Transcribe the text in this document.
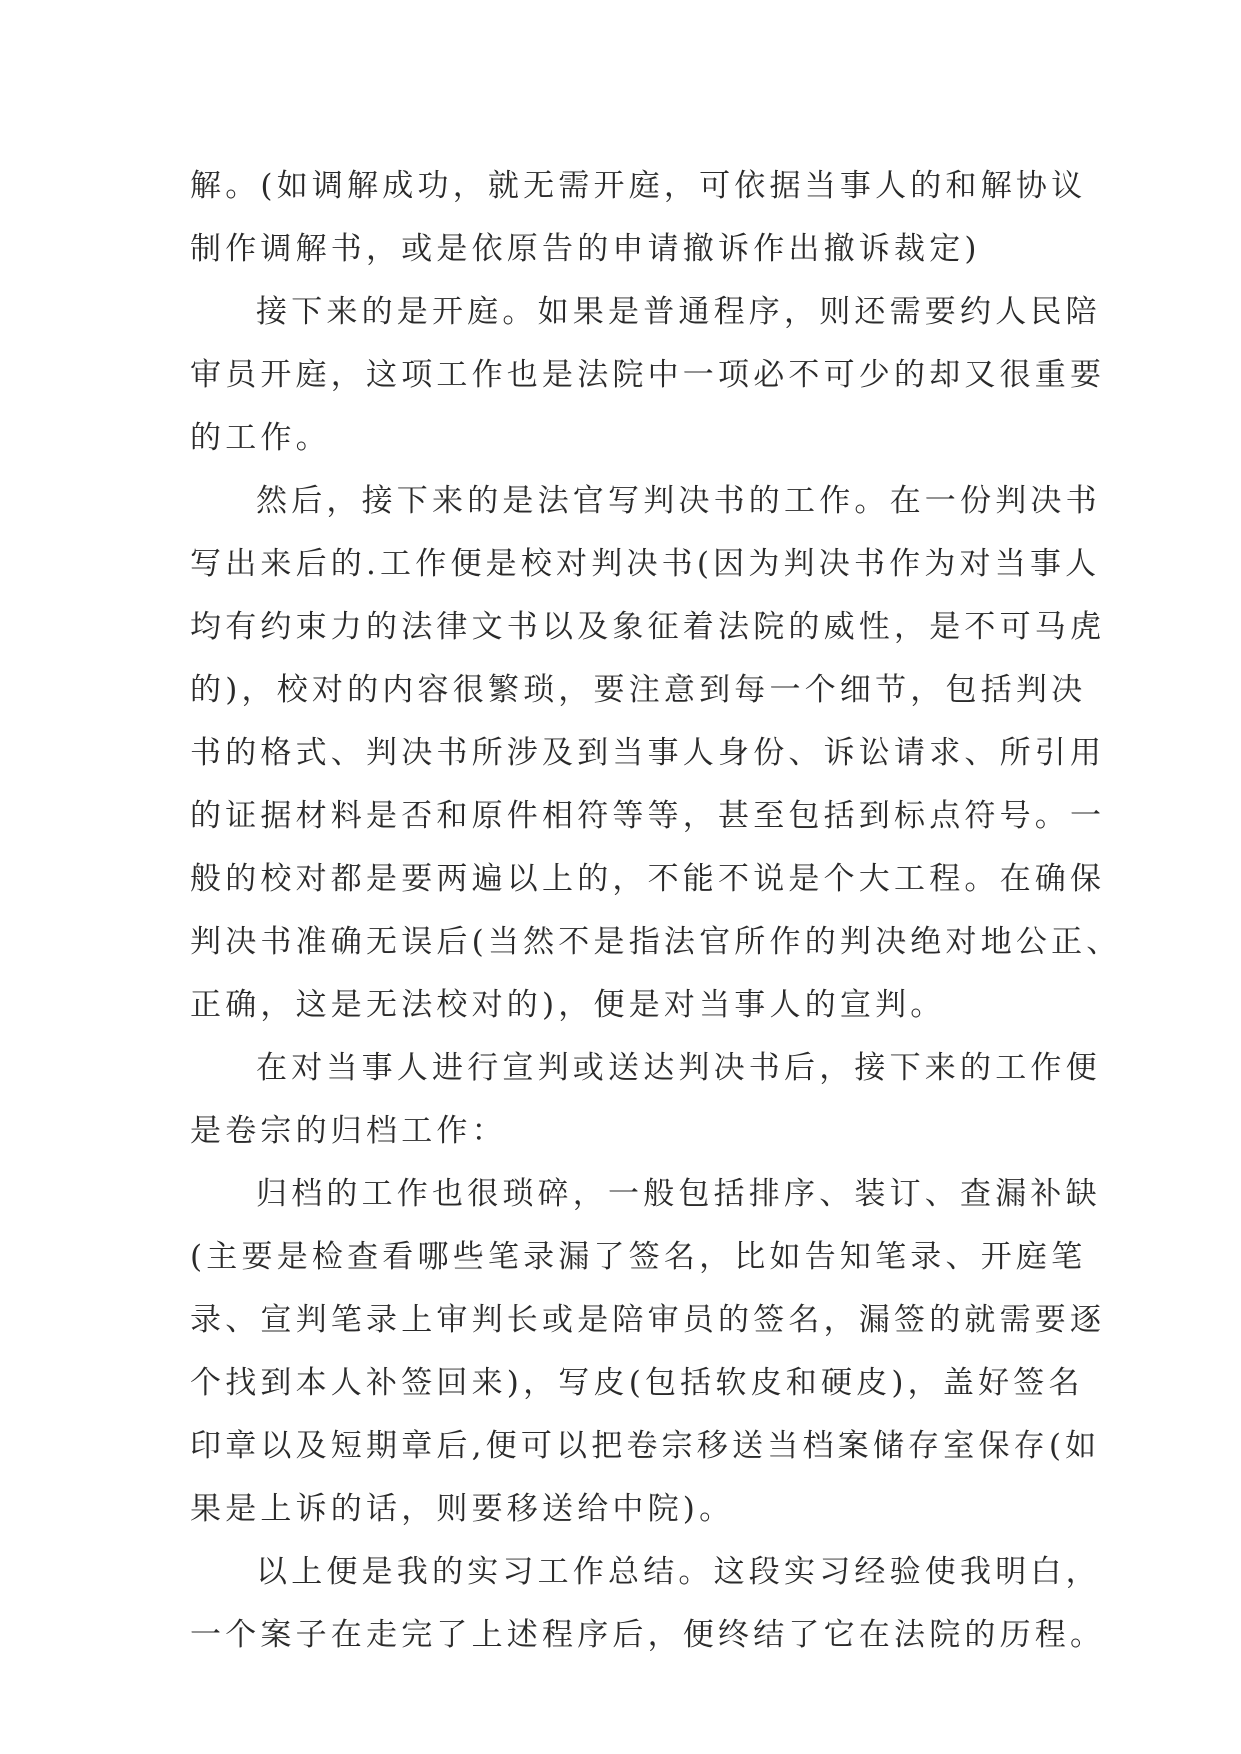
解。(如调解成功，就无需开庭，可依据当事人的和解协议
制作调解书，或是依原告的申请撤诉作出撤诉裁定)
接下来的是开庭。如果是普通程序，则还需要约人民陪
审员开庭，这项工作也是法院中一项必不可少的却又很重要
的工作。
然后，接下来的是法官写判决书的工作。在一份判决书
写出来后的.工作便是校对判决书(因为判决书作为对当事人
均有约束力的法律文书以及象征着法院的威性，是不可马虎
的)，校对的内容很繁琐，要注意到每一个细节，包括判决
书的格式、判决书所涉及到当事人身份、诉讼请求、所引用
的证据材料是否和原件相符等等，甚至包括到标点符号。一
般的校对都是要两遍以上的，不能不说是个大工程。在确保
判决书准确无误后(当然不是指法官所作的判决绝对地公正、
正确，这是无法校对的)，便是对当事人的宣判。
在对当事人进行宣判或送达判决书后，接下来的工作便
是卷宗的归档工作：
归档的工作也很琐碎，一般包括排序、装订、查漏补缺
(主要是检查看哪些笔录漏了签名，比如告知笔录、开庭笔
录、宣判笔录上审判长或是陪审员的签名，漏签的就需要逐
个找到本人补签回来)，写皮(包括软皮和硬皮)，盖好签名
印章以及短期章后,便可以把卷宗移送当档案储存室保存(如
果是上诉的话，则要移送给中院)。
以上便是我的实习工作总结。这段实习经验使我明白，
一个案子在走完了上述程序后，便终结了它在法院的历程。
